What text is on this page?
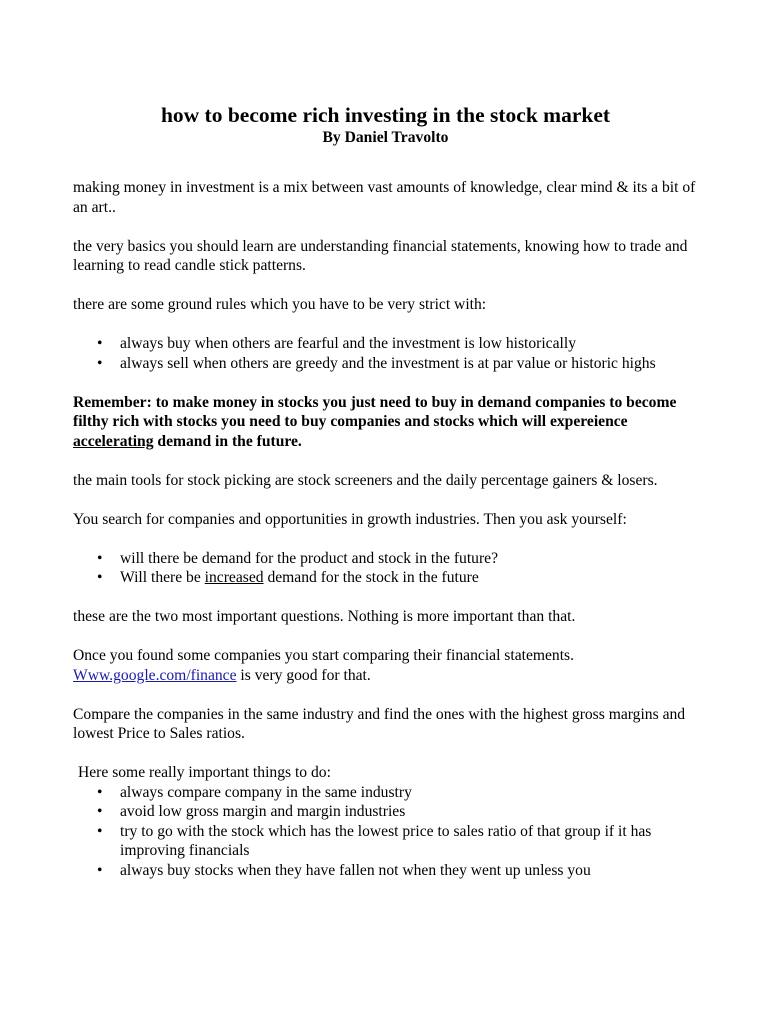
how to become rich investing in the stock market
By Daniel Travolto

making money in investment is a mix between vast amounts of knowledge, clear mind & its a bit of an art..

the very basics you should learn are understanding financial statements, knowing how to trade and learning to read candle stick patterns.

there are some ground rules which you have to be very strict with:

• always buy when others are fearful and the investment is low historically
• always sell when others are greedy and the investment is at par value or historic highs

Remember: to make money in stocks you just need to buy in demand companies to become filthy rich with stocks you need to buy companies and stocks which will expereience accelerating demand in the future.

the main tools for stock picking are stock screeners and the daily percentage gainers & losers.

You search for companies and opportunities in growth industries. Then you ask yourself:

• will there be demand for the product and stock in the future?
• Will there be increased demand for the stock in the future

these are the two most important questions. Nothing is more important than that.

Once you found some companies you start comparing their financial statements.
Www.google.com/finance is very good for that.

Compare the companies in the same industry and find the ones with the highest gross margins and lowest Price to Sales ratios.

Here some really important things to do:
• always compare company in the same industry
• avoid low gross margin and margin industries
• try to go with the stock which has the lowest price to sales ratio of that group if it has improving financials
• always buy stocks when they have fallen not when they went up unless you
